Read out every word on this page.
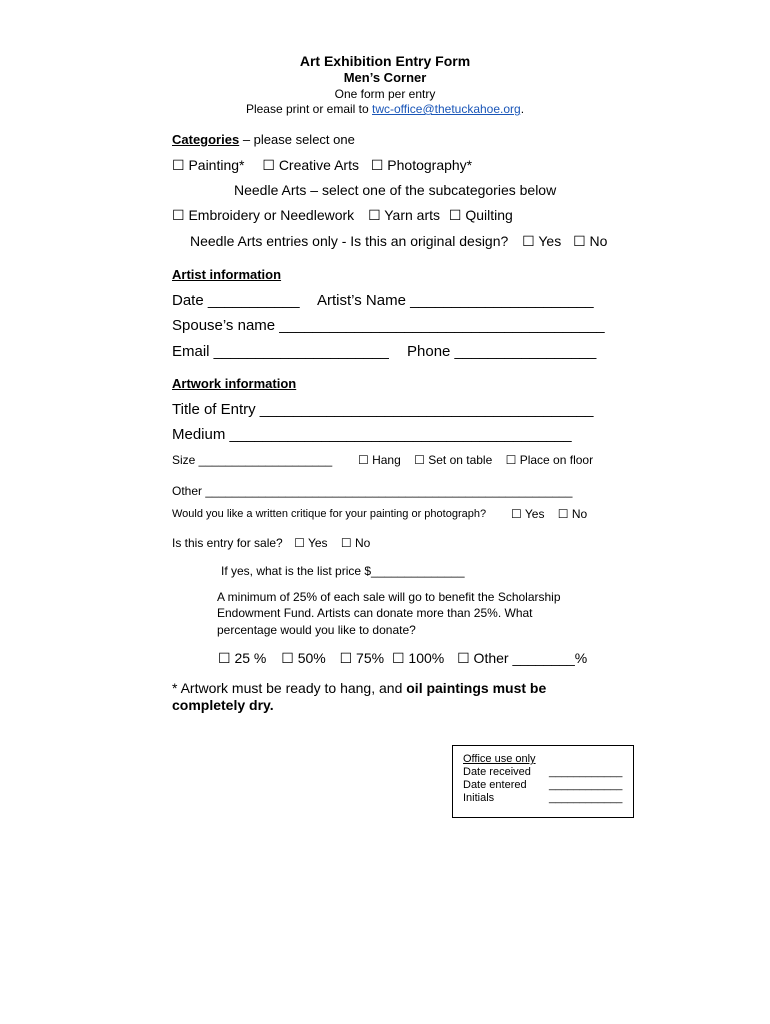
Art Exhibition Entry Form
Men’s Corner
One form per entry
Please print or email to twc-office@thetuckahoe.org.
Categories – please select one
☐ Painting* ☐ Creative Arts ☐ Photography*
Needle Arts – select one of the subcategories below
☐ Embroidery or Needlework ☐ Yarn arts ☐ Quilting
Needle Arts entries only - Is this an original design? ☐ Yes ☐ No
Artist information
Date ___________ Artist’s Name ______________________
Spouse’s name _______________________________________
Email _____________________ Phone _________________
Artwork information
Title of Entry ________________________________________
Medium _________________________________________
Size ____________________ ☐ Hang ☐ Set on table ☐ Place on floor
Other _______________________________________________________
Would you like a written critique for your painting or photograph? ☐ Yes ☐ No
Is this entry for sale? ☐ Yes ☐ No
If yes, what is the list price $______________
A minimum of 25% of each sale will go to benefit the Scholarship
Endowment Fund. Artists can donate more than 25%. What
percentage would you like to donate?
☐ 25 % ☐ 50% ☐ 75% ☐ 100% ☐ Other ________%
* Artwork must be ready to hang, and oil paintings must be
completely dry.
Office use only
Date received ____________
Date entered ____________
Initials	____________
